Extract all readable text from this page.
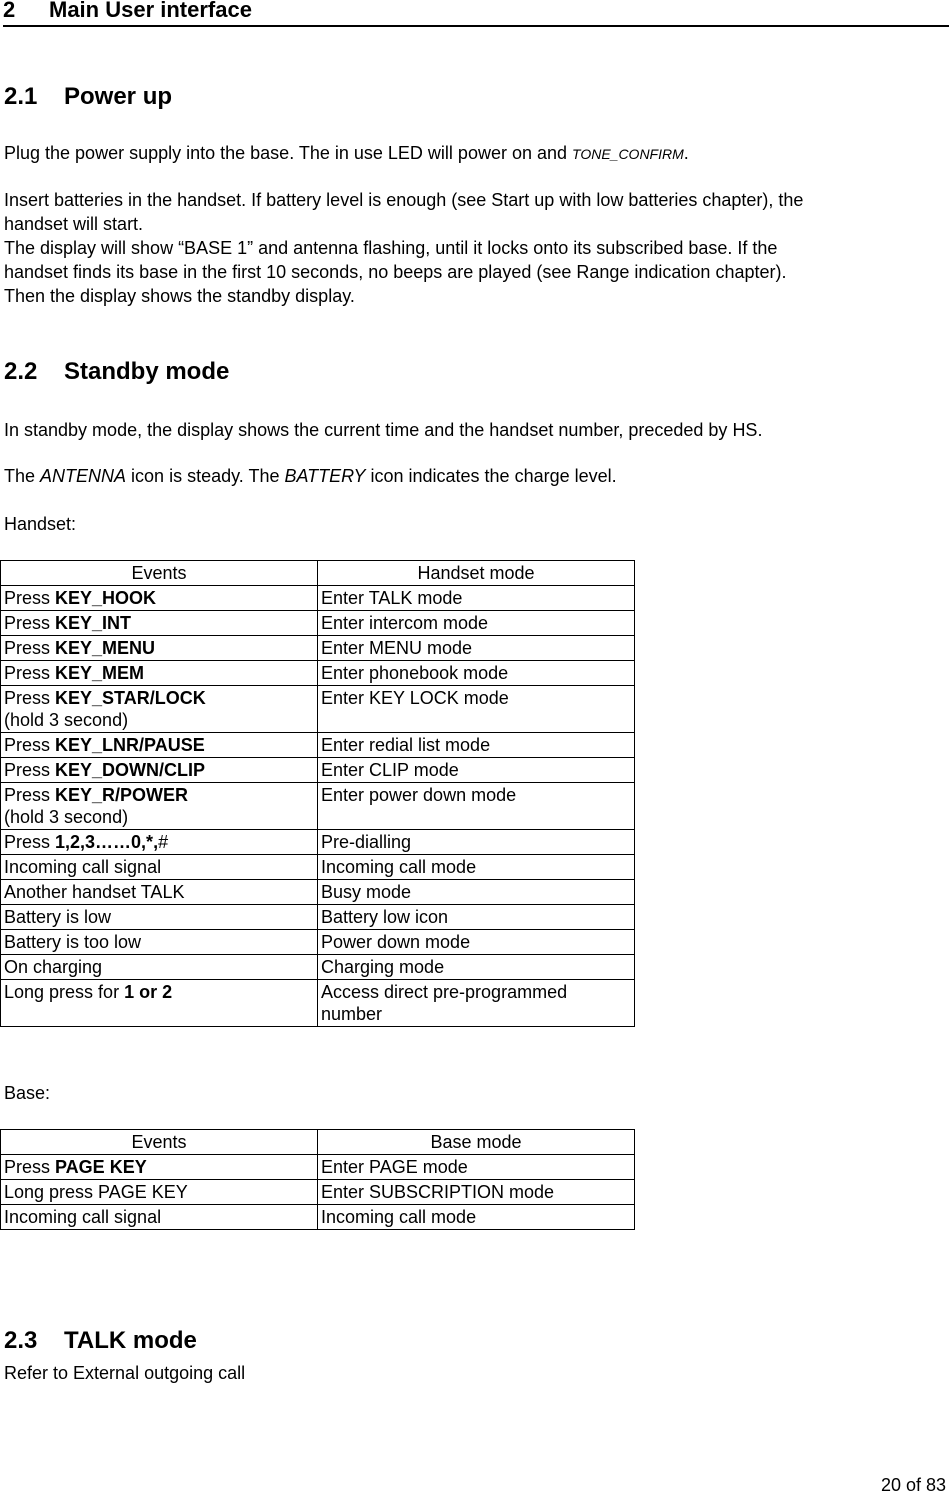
2 Main User interface
2.1 Power up
Plug the power supply into the base. The in use LED will power on and TONE_CONFIRM.
Insert batteries in the handset. If battery level is enough (see Start up with low batteries chapter), the
handset will start.
The display will show “BASE 1” and antenna flashing, until it locks onto its subscribed base. If the
handset finds its base in the first 10 seconds, no beeps are played (see Range indication chapter).
Then the display shows the standby display.
2.2 Standby mode
In standby mode, the display shows the current time and the handset number, preceded by HS.
The ANTENNA icon is steady. The BATTERY icon indicates the charge level.
Handset:
Events	Handset mode
Press KEY_HOOK	Enter TALK mode
Press KEY_INT	Enter intercom mode
Press KEY_MENU	Enter MENU mode
Press KEY_MEM	Enter phonebook mode
Press KEY_STAR/LOCK
(hold 3 second)	Enter KEY LOCK mode
Press KEY_LNR/PAUSE	Enter redial list mode
Press KEY_DOWN/CLIP	Enter CLIP mode
Press KEY_R/POWER
(hold 3 second)	Enter power down mode
Press 1,2,3……0,*,#	Pre-dialling
Incoming call signal	Incoming call mode
Another handset TALK	Busy mode
Battery is low	Battery low icon
Battery is too low	Power down mode
On charging	Charging mode
Long press for 1 or 2	Access direct pre-programmed number
Base:
Events	Base mode
Press PAGE KEY	Enter PAGE mode
Long press PAGE KEY	Enter SUBSCRIPTION mode
Incoming call signal	Incoming call mode
2.3 TALK mode
Refer to External outgoing call
20 of 83
